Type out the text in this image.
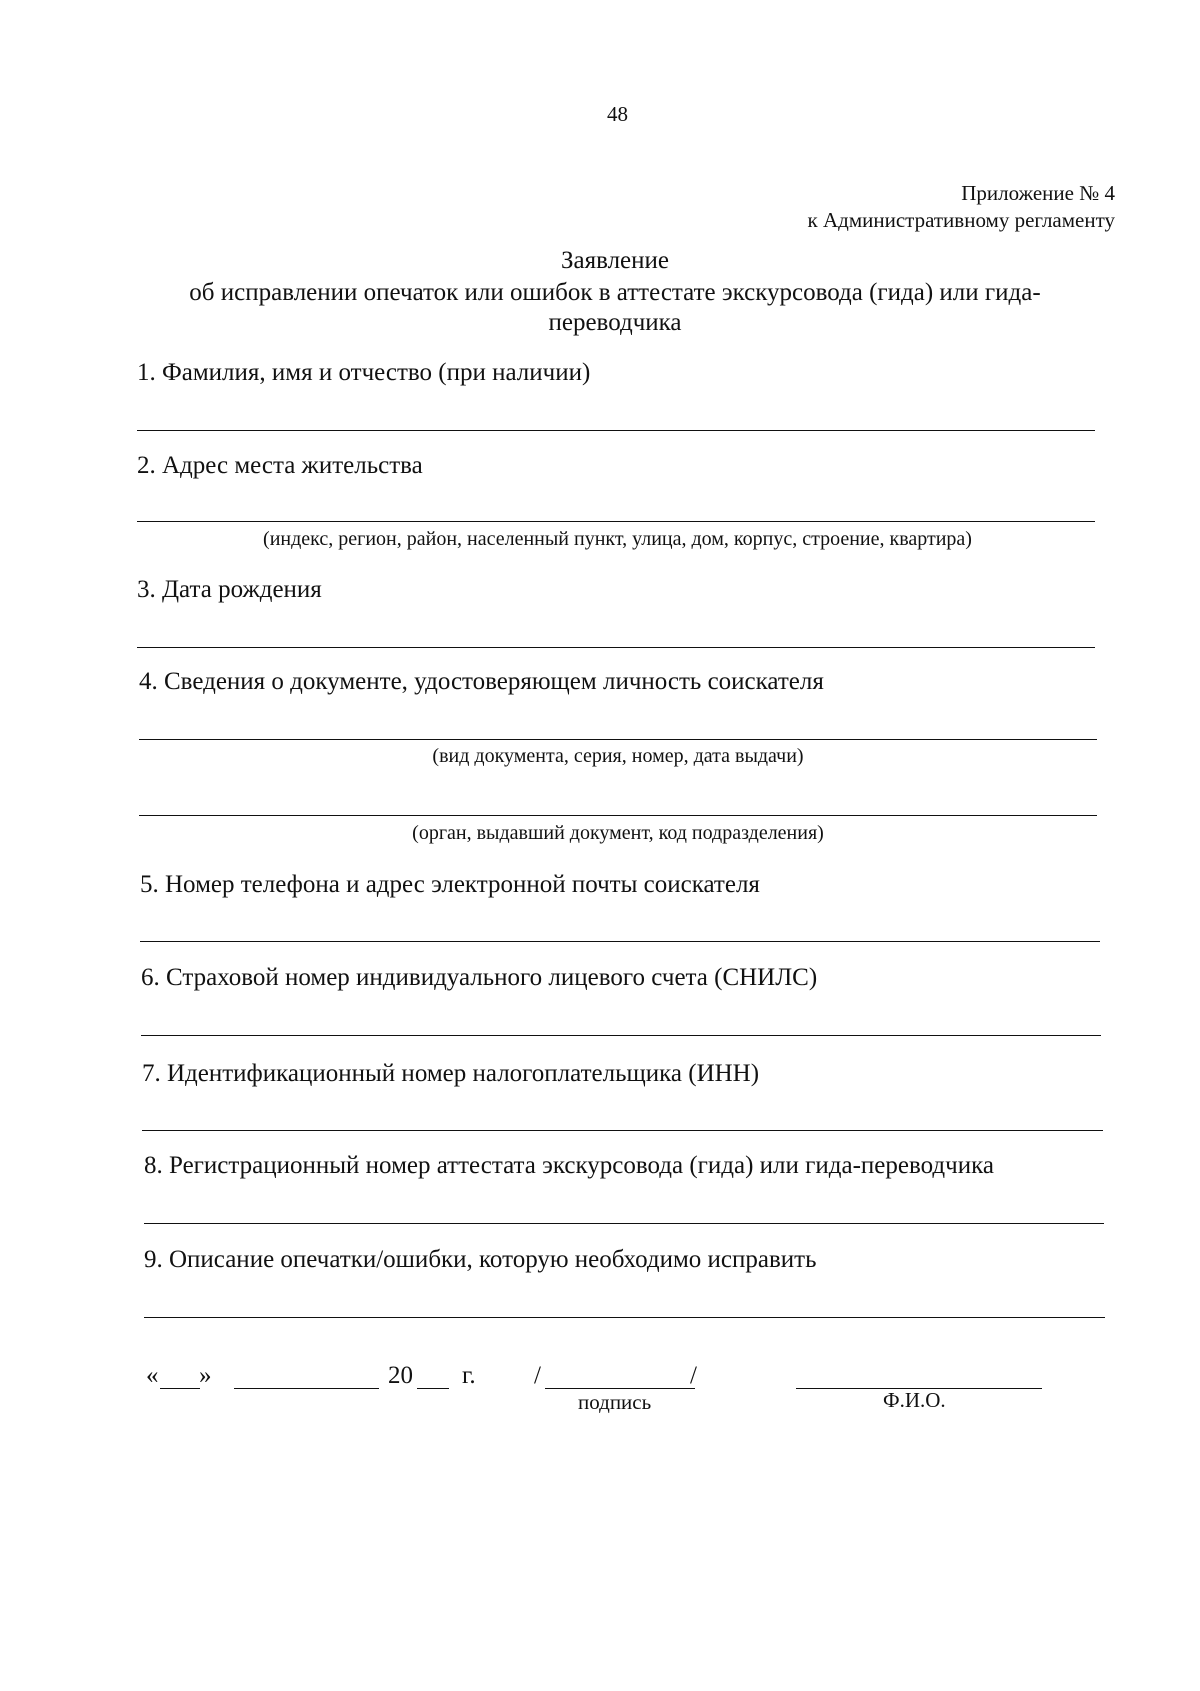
48
Приложение № 4
к Административному регламенту
Заявление
об исправлении опечаток или ошибок в аттестате экскурсовода (гида) или гида-
переводчика
1. Фамилия, имя и отчество (при наличии)
2. Адрес места жительства
(индекс, регион, район, населенный пункт, улица, дом, корпус, строение, квартира)
3. Дата рождения
4. Сведения о документе, удостоверяющем личность соискателя
(вид документа, серия, номер, дата выдачи)
(орган, выдавший документ, код подразделения)
5. Номер телефона и адрес электронной почты соискателя
6. Страховой номер индивидуального лицевого счета (СНИЛС)
7. Идентификационный номер налогоплательщика (ИНН)
8. Регистрационный номер аттестата экскурсовода (гида) или гида-переводчика
9. Описание опечатки/ошибки, которую необходимо исправить
« »	20 г. /	/
подпись	Ф.И.О.
